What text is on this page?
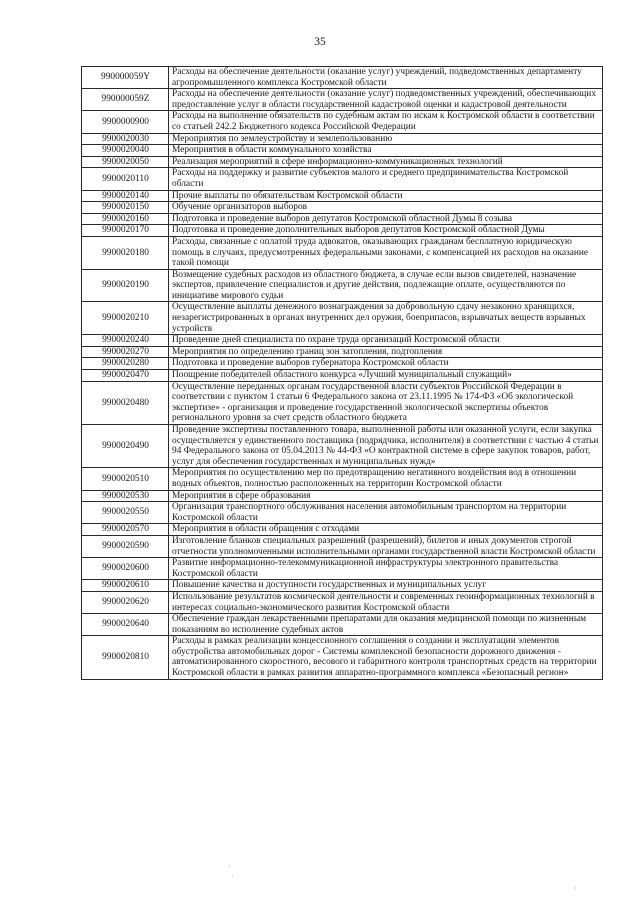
35
990000059Y	Расходы на обеспечение деятельности (оказание услуг) учреждений, подведомственных департаменту агропромышленного комплекса Костромской области
990000059Z	Расходы на обеспечение деятельности (оказание услуг) подведомственных учреждений, обеспечивающих предоставление услуг в области государственной кадастровой оценки и кадастровой деятельности
9900000900	Расходы на выполнение обязательств по судебным актам по искам к Костромской области в соответствии со статьей 242.2 Бюджетного кодекса Российской Федерации
9900020030	Мероприятия по землеустройству и землепользованию
9900020040	Мероприятия в области коммунального хозяйства
9900020050	Реализация мероприятий в сфере информационно-коммуникационных технологий
9900020110	Расходы на поддержку и развитие субъектов малого и среднего предпринимательства Костромской области
9900020140	Прочие выплаты по обязательствам Костромской области
9900020150	Обучение организаторов выборов
9900020160	Подготовка и проведение выборов депутатов Костромской областной Думы 8 созыва
9900020170	Подготовка и проведение дополнительных выборов депутатов Костромской областной Думы
9900020180	Расходы, связанные с оплатой труда адвокатов, оказывающих гражданам бесплатную юридическую помощь в случаях, предусмотренных федеральными законами, с компенсацией их расходов на оказание такой помощи
9900020190	Возмещение судебных расходов из областного бюджета, в случае если вызов свидетелей, назначение экспертов, привлечение специалистов и другие действия, подлежащие оплате, осуществляются по инициативе мирового судьи
9900020210	Осуществление выплаты денежного вознаграждения за добровольную сдачу незаконно хранящихся, незарегистрированных в органах внутренних дел оружия, боеприпасов, взрывчатых веществ взрывных устройств
9900020240	Проведение дней специалиста по охране труда организаций Костромской области
9900020270	Мероприятия по определению границ зон затопления, подтопления
9900020280	Подготовка и проведение выборов губернатора Костромской области
9900020470	Поощрение победителей областного конкурса «Лучший муниципальный служащий»
9900020480	Осуществление переданных органам государственной власти субъектов Российской Федерации в соответствии с пунктом 1 статьи 6 Федерального закона от 23.11.1995 № 174-ФЗ «Об экологической экспертизе» - организация и проведение государственной экологической экспертизы объектов регионального уровня за счет средств областного бюджета
9900020490	Проведение экспертизы поставленного товара, выполненной работы или оказанной услуги, если закупка осуществляется у единственного поставщика (подрядчика, исполнителя) в соответствии с частью 4 статьи 94 Федерального закона от 05.04.2013 № 44-ФЗ «О контрактной системе в сфере закупок товаров, работ, услуг для обеспечения государственных и муниципальных нужд»
9900020510	Мероприятия по осуществлению мер по предотвращению негативного воздействия вод в отношении водных объектов, полностью расположенных на территории Костромской области
9900020530	Мероприятия в сфере образования
9900020550	Организация транспортного обслуживания населения автомобильным транспортом на территории Костромской области
9900020570	Мероприятия в области обращения с отходами
9900020590	Изготовление бланков специальных разрешений (разрешений), билетов и иных документов строгой отчетности уполномоченными исполнительными органами государственной власти Костромской области
9900020600	Развитие информационно-телекоммуникационной инфраструктуры электронного правительства Костромской области
9900020610	Повышение качества и доступности государственных и муниципальных услуг
9900020620	Использование результатов космической деятельности и современных геоинформационных технологий в интересах социально-экономического развития Костромской области
9900020640	Обеспечение граждан лекарственными препаратами для оказания медицинской помощи по жизненным показаниям во исполнение судебных актов
9900020810	Расходы в рамках реализации концессионного соглашения о создании и эксплуатации элементов обустройства автомобильных дорог - Системы комплексной безопасности дорожного движения - автоматизированного скоростного, весового и габаритного контроля транспортных средств на территории Костромской области в рамках развития аппаратно-программного комплекса «Безопасный регион»
·
·
·
